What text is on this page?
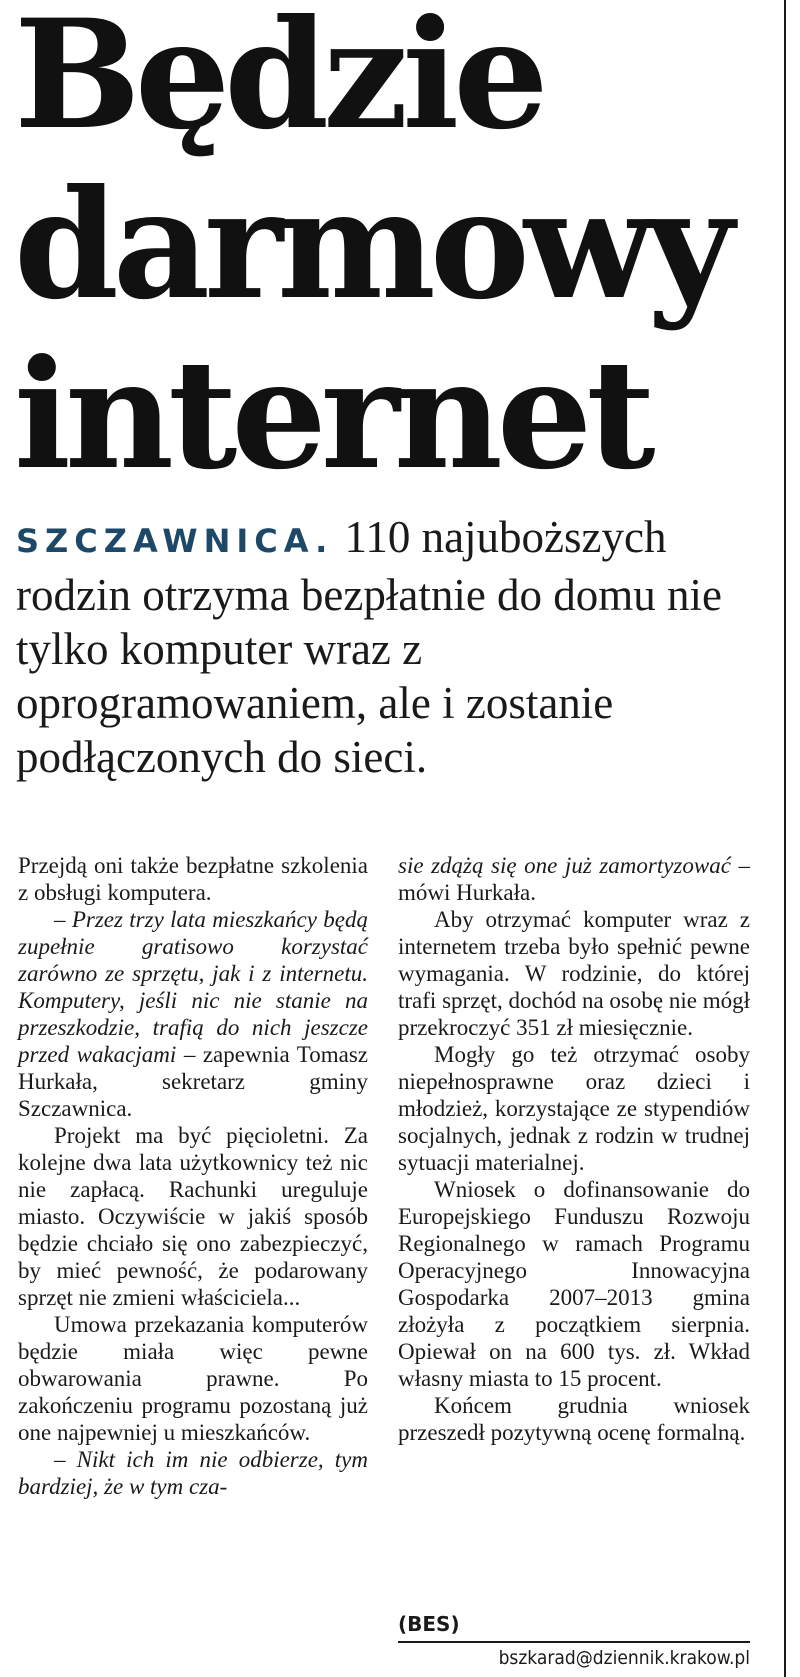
Będzie
darmowy
internet

SZCZAWNICA. 110 najuboższych rodzin otrzyma bezpłatnie do domu nie tylko komputer wraz z oprogramowaniem, ale i zostanie podłączonych do sieci.

Przejdą oni także bezpłatne szkolenia z obsługi komputera.

– Przez trzy lata mieszkańcy będą zupełnie gratisowo korzystać zarówno ze sprzętu, jak i z internetu. Komputery, jeśli nic nie stanie na przeszkodzie, trafią do nich jeszcze przed wakacjami – zapewnia Tomasz Hurkała, sekretarz gminy Szczawnica.

Projekt ma być pięcioletni. Za kolejne dwa lata użytkownicy też nic nie zapłacą. Rachunki ureguluje miasto. Oczywiście w jakiś sposób będzie chciało się ono zabezpieczyć, by mieć pewność, że podarowany sprzęt nie zmieni właściciela...

Umowa przekazania komputerów będzie miała więc pewne obwarowania prawne. Po zakończeniu programu pozostaną już one najpewniej u mieszkańców.

– Nikt ich im nie odbierze, tym bardziej, że w tym cza-

sie zdążą się one już zamortyzować – mówi Hurkała.

Aby otrzymać komputer wraz z internetem trzeba było spełnić pewne wymagania. W rodzinie, do której trafi sprzęt, dochód na osobę nie mógł przekroczyć 351 zł miesięcznie.

Mogły go też otrzymać osoby niepełnosprawne oraz dzieci i młodzież, korzystające ze stypendiów socjalnych, jednak z rodzin w trudnej sytuacji materialnej.

Wniosek o dofinansowanie do Europejskiego Funduszu Rozwoju Regionalnego w ramach Programu Operacyjnego Innowacyjna Gospodarka 2007–2013 gmina złożyła z początkiem sierpnia. Opiewał on na 600 tys. zł. Wkład własny miasta to 15 procent.

Końcem grudnia wniosek przeszedł pozytywną ocenę formalną.

(BES)

bszkarad@dziennik.krakow.pl
